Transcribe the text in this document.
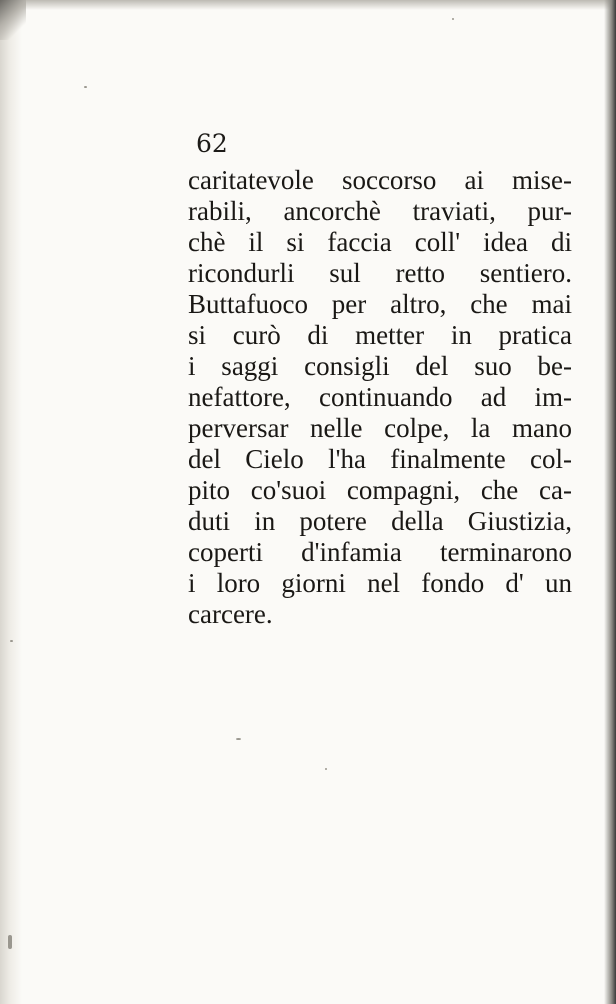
62
caritatevole soccorso ai mise-
rabili, ancorchè traviati, pur-
chè il si faccia coll' idea di
ricondurli sul retto sentiero.
Buttafuoco per altro, che mai
si curò di metter in pratica
i saggi consigli del suo be-
nefattore, continuando ad im-
perversar nelle colpe, la mano
del Cielo l'ha finalmente col-
pito co'suoi compagni, che ca-
duti in potere della Giustizia,
coperti d'infamia terminarono
i loro giorni nel fondo d' un
carcere.
